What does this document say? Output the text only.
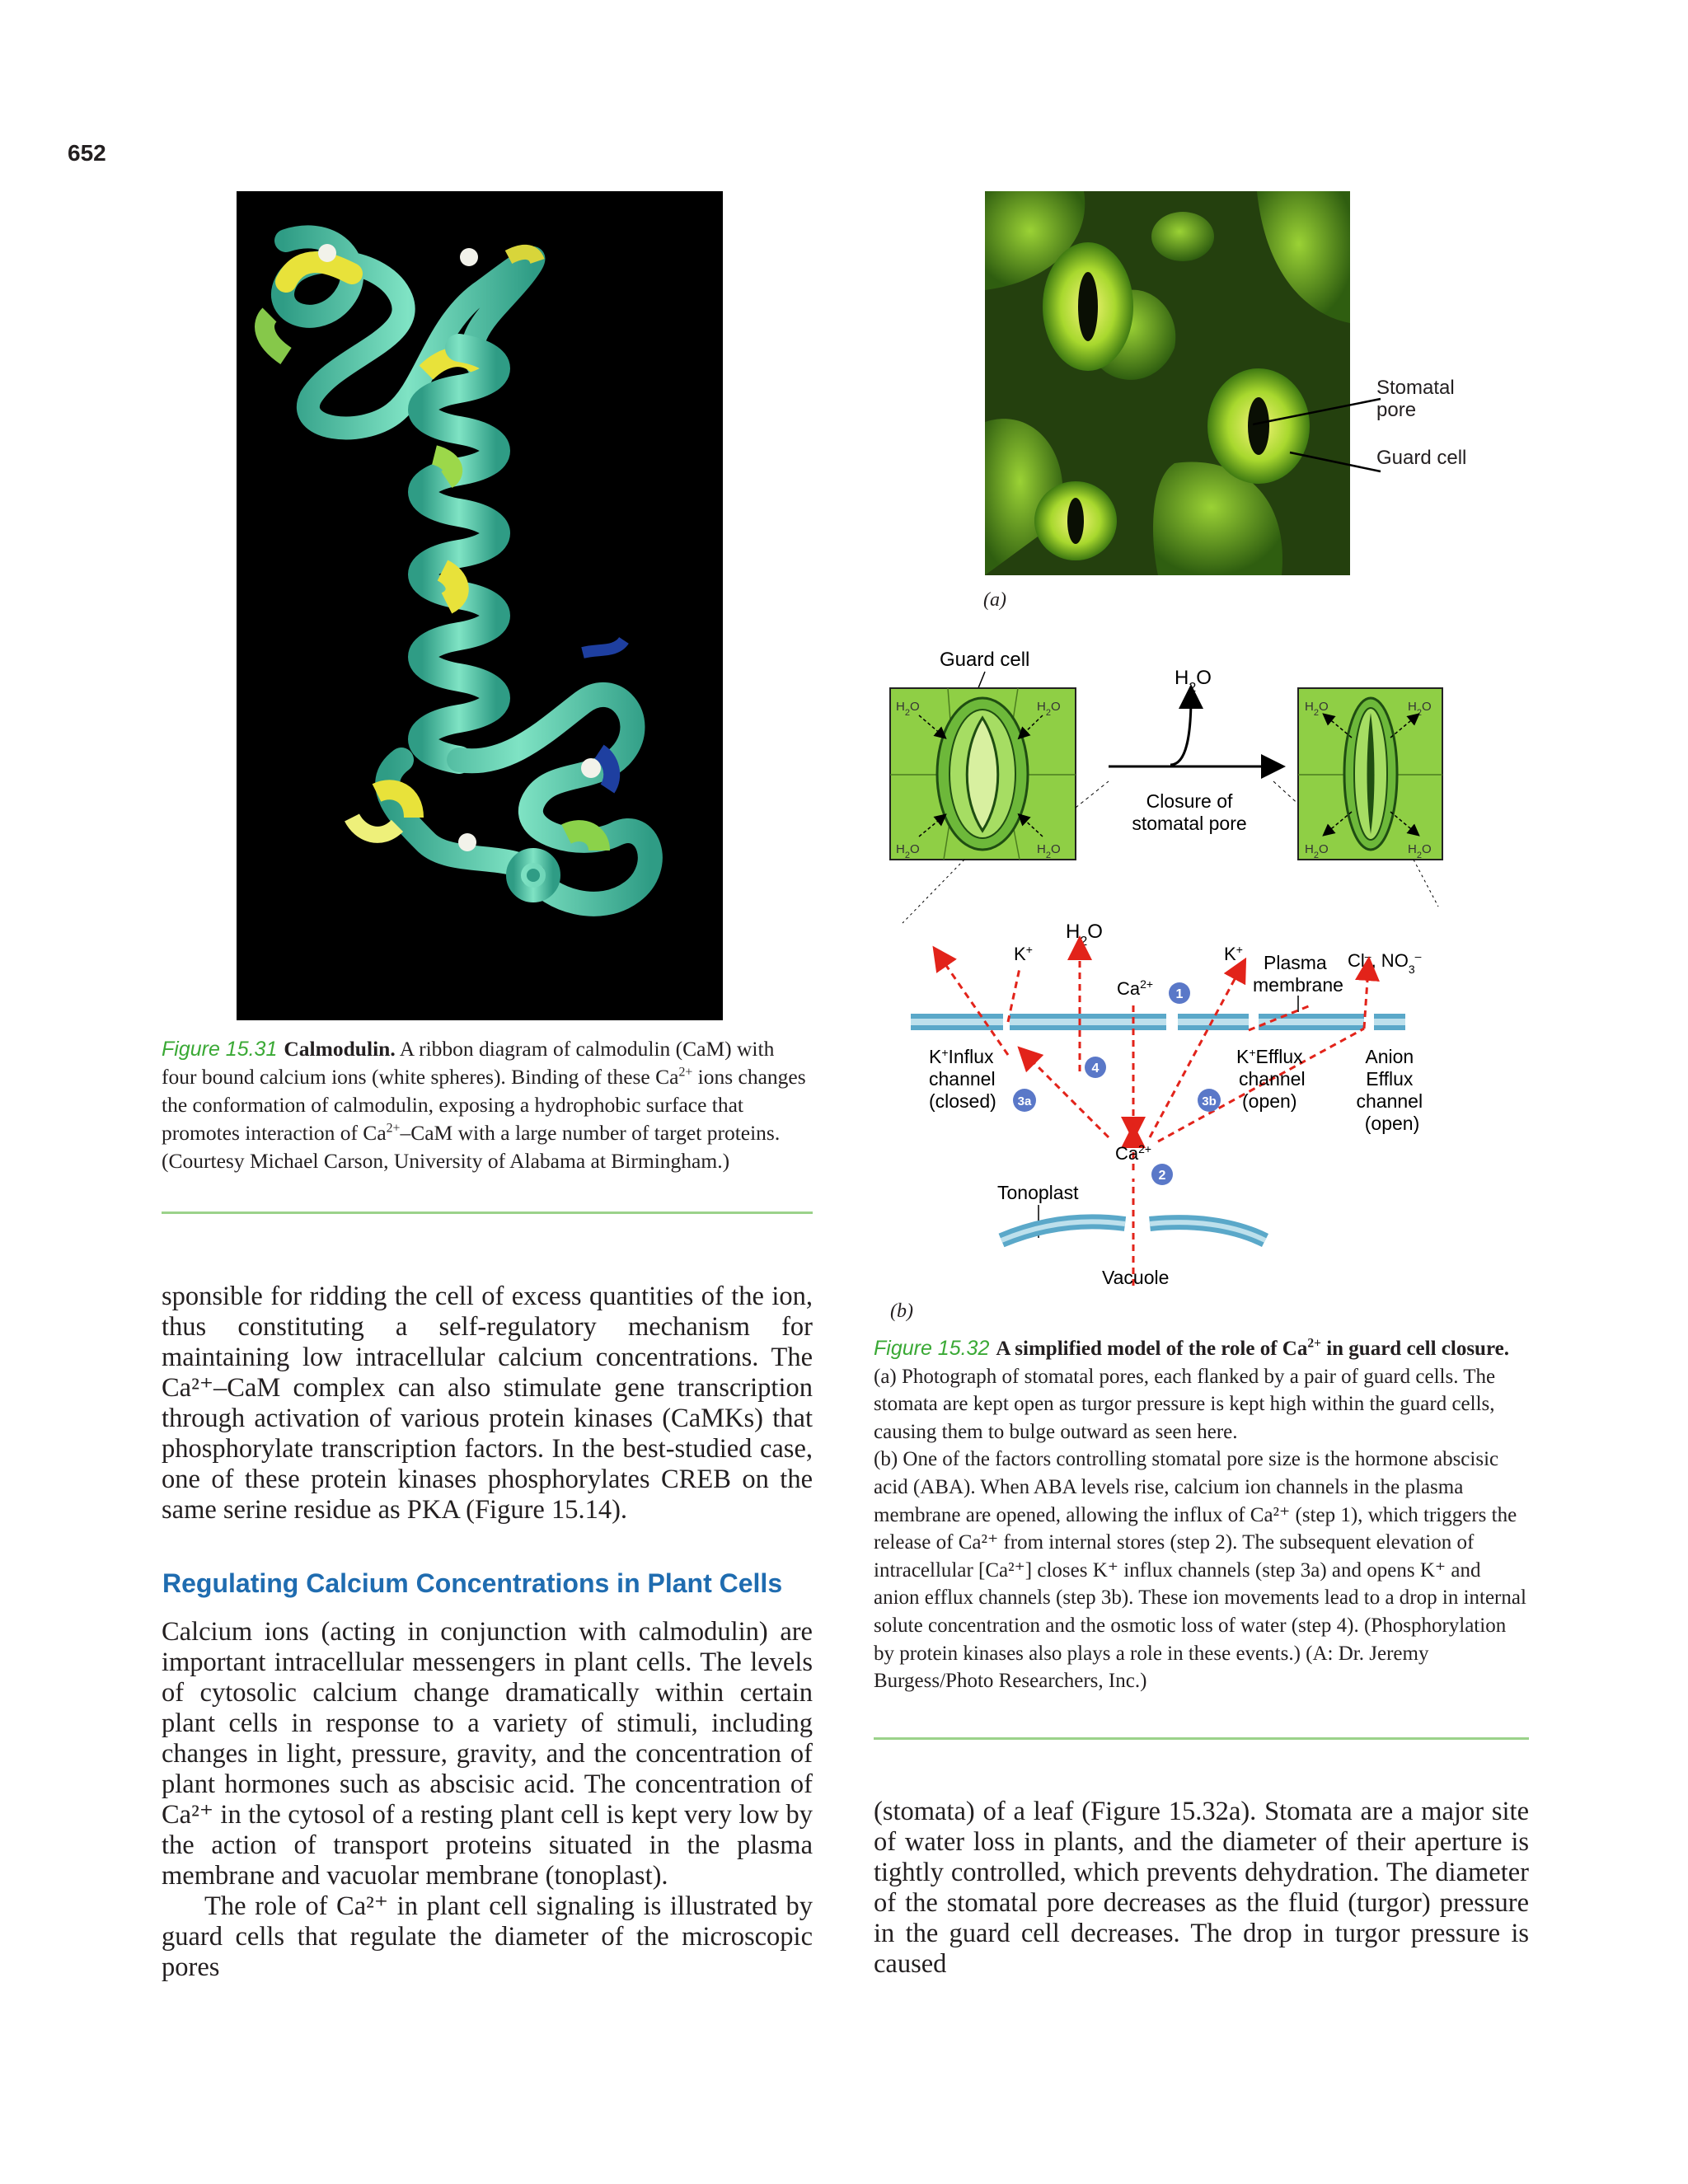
652
Figure 15.31 Calmodulin. A ribbon diagram of calmodulin (CaM) with four bound calcium ions (white spheres). Binding of these $Ca^{2+}$ ions changes the conformation of calmodulin, exposing a hydrophobic surface that promotes interaction of $Ca^{2+}$–CaM with a large number of target proteins. (Courtesy Michael Carson, University of Alabama at Birmingham.)

sponsible for ridding the cell of excess quantities of the ion, thus constituting a self-regulatory mechanism for maintaining low intracellular calcium concentrations. The Ca²⁺–CaM complex can also stimulate gene transcription through activation of various protein kinases (CaMKs) that phosphorylate transcription factors. In the best-studied case, one of these protein kinases phosphorylates CREB on the same serine residue as PKA (Figure 15.14).

Regulating Calcium Concentrations in Plant Cells

Calcium ions (acting in conjunction with calmodulin) are important intracellular messengers in plant cells. The levels of cytosolic calcium change dramatically within certain plant cells in response to a variety of stimuli, including changes in light, pressure, gravity, and the concentration of plant hormones such as abscisic acid. The concentration of Ca²⁺ in the cytosol of a resting plant cell is kept very low by the action of transport proteins situated in the plasma membrane and vacuolar membrane (tonoplast).

The role of Ca²⁺ in plant cell signaling is illustrated by guard cells that regulate the diameter of the microscopic pores

Stomatal pore
Guard cell
(a)
Guard cell
$H_2O$	$H_2O$
$H_2O$	$H_2O$
$H_2O$
Closure of stomatal pore
$H_2O$	$H_2O$
$H_2O$	$H_2O$
K+
$H_2O$
$Ca^{2+}$
K+
Plasma
membrane
Cl–, $NO_3^-$
$Ca^{2+}$
1
2
3a	3b
4
K+Influx channel (closed)
K+Efflux channel (open)
Anion Efflux channel (open)
Tonoplast
Vacuole
(b)
Figure 15.32 A simplified model of the role of $Ca^{2+}$ in guard cell closure. (a) Photograph of stomatal pores, each flanked by a pair of guard cells. The stomata are kept open as turgor pressure is kept high within the guard cells, causing them to bulge outward as seen here.
(b) One of the factors controlling stomatal pore size is the hormone abscisic acid (ABA). When ABA levels rise, calcium ion channels in the plasma membrane are opened, allowing the influx of Ca²⁺ (step 1), which triggers the release of Ca²⁺ from internal stores (step 2). The subsequent elevation of intracellular [Ca²⁺] closes K⁺ influx channels (step 3a) and opens K⁺ and anion efflux channels (step 3b). These ion movements lead to a drop in internal solute concentration and the osmotic loss of water (step 4). (Phosphorylation by protein kinases also plays a role in these events.) (A: Dr. Jeremy Burgess/Photo Researchers, Inc.)

(stomata) of a leaf (Figure 15.32a). Stomata are a major site of water loss in plants, and the diameter of their aperture is tightly controlled, which prevents dehydration. The diameter of the stomatal pore decreases as the fluid (turgor) pressure in the guard cell decreases. The drop in turgor pressure is caused
